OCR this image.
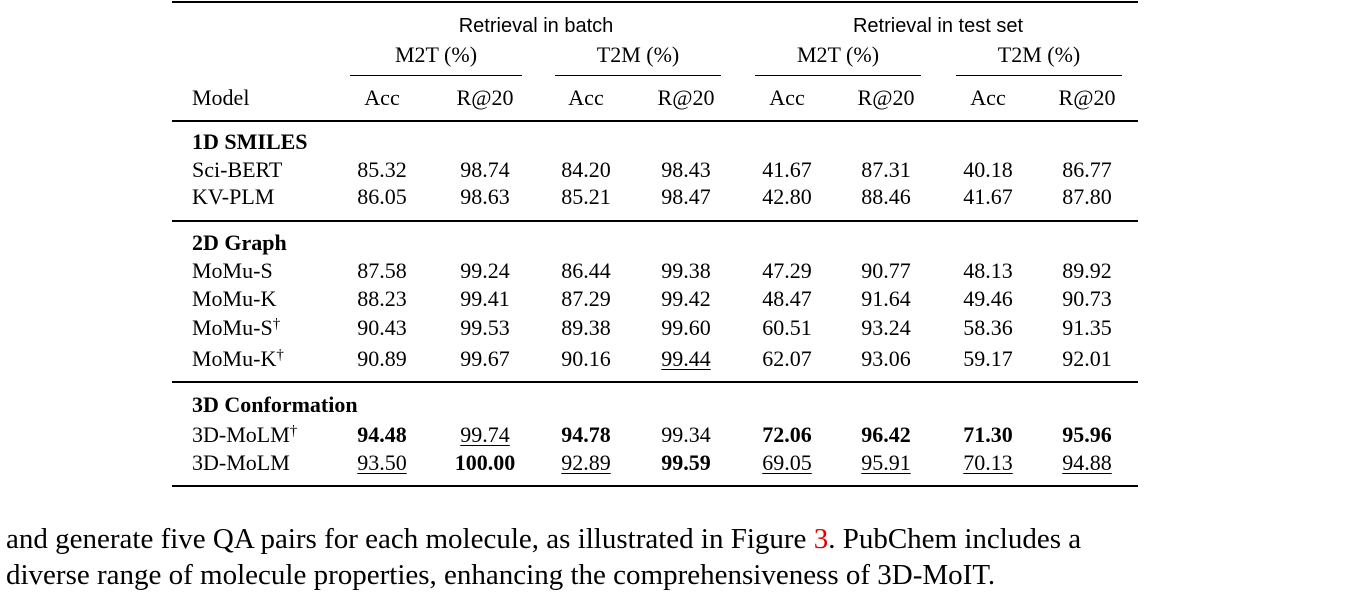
Retrieval in batch	Retrieval in test set
M2T (%)	T2M (%)	M2T (%)	T2M (%)
Model	Acc	R@20 Acc R@20 Acc R@20	Acc R@20
1D SMILES
Sci-BERT	85.32 98.74 84.20 98.43 41.67 87.31 40.18 86.77
KV-PLM	86.05 98.63 85.21 98.47 42.80 88.46 41.67 87.80
2D Graph
MoMu-S	87.58 99.24 86.44 99.38 47.29 90.77 48.13 89.92
MoMu-K	88.23 99.41 87.29 99.42 48.47 91.64 49.46 90.73
MoMu-S†	90.43 99.53 89.38 99.60 60.51 93.24 58.36 91.35
MoMu-K†	90.89 99.67 90.16 99.44 62.07 93.06 59.17 92.01
3D Conformation
3D-MoLM†	94.48 99.74 94.78 99.34 72.06 96.42 71.30 95.96
3D-MoLM	93.50 100.00 92.89 99.59 69.05 95.91 70.13 94.88
and generate five QA pairs for each molecule, as illustrated in Figure 3. PubChem includes a
diverse range of molecule properties, enhancing the comprehensiveness of 3D-MoIT.
